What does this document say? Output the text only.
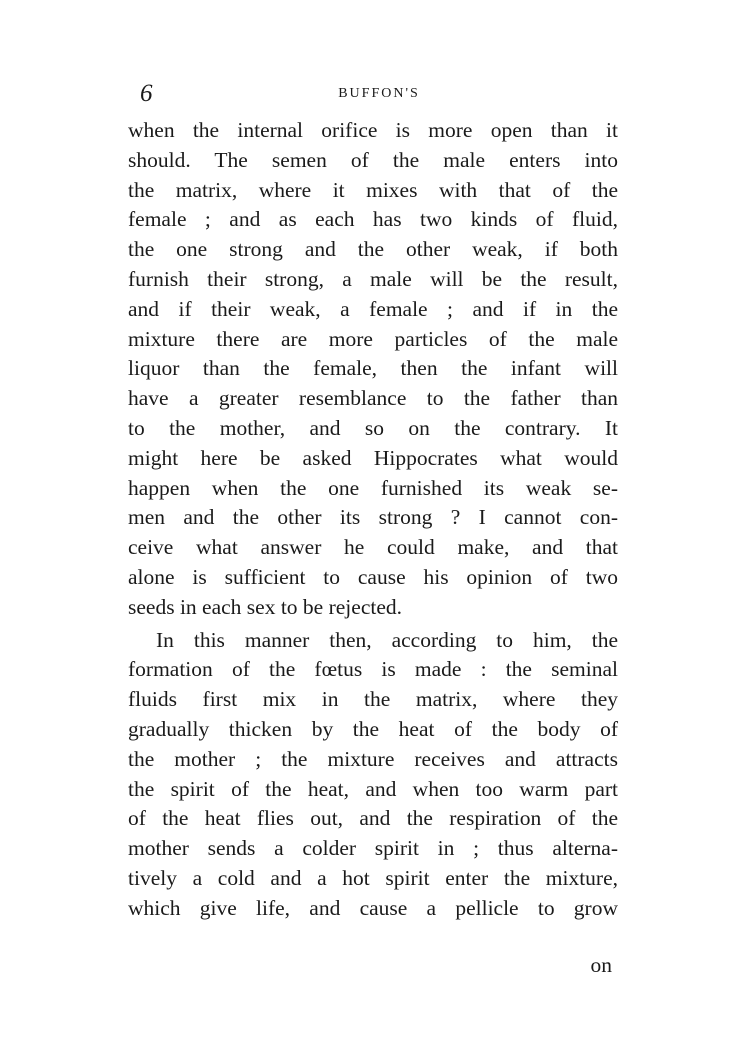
6	BUFFON'S
when the internal orifice is more open than it
should. The semen of the male enters into
the matrix, where it mixes with that of the
female ; and as each has two kinds of fluid,
the one strong and the other weak, if both
furnish their strong, a male will be the result,
and if their weak, a female ; and if in the
mixture there are more particles of the male
liquor than the female, then the infant will
have a greater resemblance to the father than
to the mother, and so on the contrary. It
might here be asked Hippocrates what would
happen when the one furnished its weak se-
men and the other its strong ? I cannot con-
ceive what answer he could make, and that
alone is sufficient to cause his opinion of two
seeds in each sex to be rejected.
In this manner then, according to him, the
formation of the fœtus is made : the seminal
fluids first mix in the matrix, where they
gradually thicken by the heat of the body of
the mother ; the mixture receives and attracts
the spirit of the heat, and when too warm part
of the heat flies out, and the respiration of the
mother sends a colder spirit in ; thus alterna-
tively a cold and a hot spirit enter the mixture,
which give life, and cause a pellicle to grow
on
